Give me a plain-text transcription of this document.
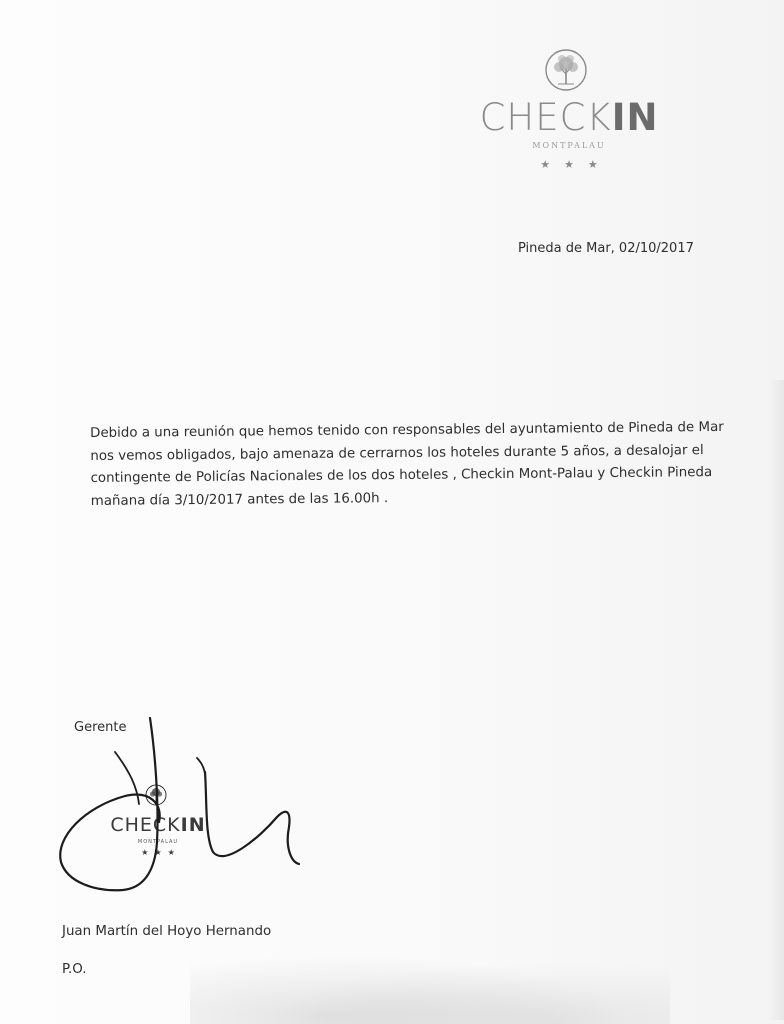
CHECKIN
MONTPALAU
★★★
Pineda de Mar, 02/10/2017
Debido a una reunión que hemos tenido con responsables del ayuntamiento de Pineda de Mar
nos vemos obligados, bajo amenaza de cerrarnos los hoteles durante 5 años, a desalojar el
contingente de Policías Nacionales de los dos hoteles , Checkin Mont-Palau y Checkin Pineda
mañana día 3/10/2017 antes de las 16.00h .
Gerente
CHECKIN
MONTPALAU
★★★
Juan Martín del Hoyo Hernando
P.O.
